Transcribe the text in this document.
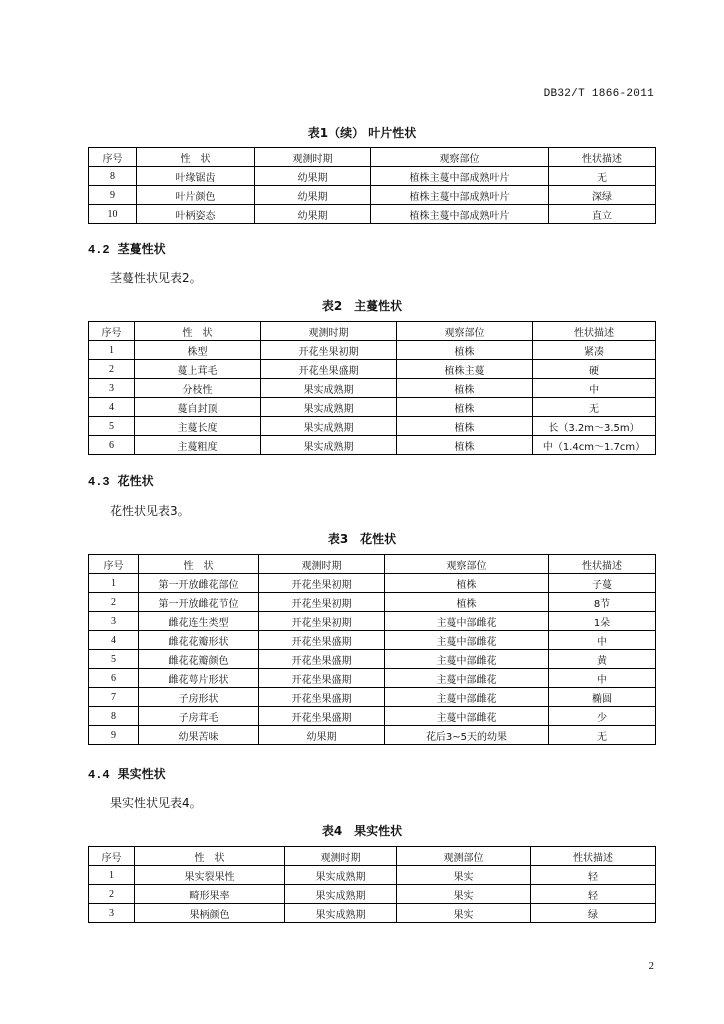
DB32/T 1866-2011
表1（续） 叶片性状
序号	性　状	观测时期	观察部位	性状描述
8	叶缘锯齿	幼果期	植株主蔓中部成熟叶片	无
9	叶片颜色	幼果期	植株主蔓中部成熟叶片	深绿
10	叶柄姿态	幼果期	植株主蔓中部成熟叶片	直立
4.2 茎蔓性状
茎蔓性状见表2。
表2　主蔓性状
序号	性　状	观测时期	观察部位	性状描述
1	株型	开花坐果初期	植株	紧凑
2	蔓上茸毛	开花坐果盛期	植株主蔓	硬
3	分枝性	果实成熟期	植株	中
4	蔓自封顶	果实成熟期	植株	无
5	主蔓长度	果实成熟期	植株	长（3.2m～3.5m）
6	主蔓粗度	果实成熟期	植株	中（1.4cm～1.7cm）
4.3 花性状
花性状见表3。
表3　花性状
序号	性　状	观测时期	观察部位	性状描述
1	第一开放雌花部位	开花坐果初期	植株	子蔓
2	第一开放雌花节位	开花坐果初期	植株	8节
3	雌花连生类型	开花坐果初期	主蔓中部雌花	1朵
4	雌花花瓣形状	开花坐果盛期	主蔓中部雌花	中
5	雌花花瓣颜色	开花坐果盛期	主蔓中部雌花	黄
6	雌花萼片形状	开花坐果盛期	主蔓中部雌花	中
7	子房形状	开花坐果盛期	主蔓中部雌花	椭圆
8	子房茸毛	开花坐果盛期	主蔓中部雌花	少
9	幼果苦味	幼果期	花后3~5天的幼果	无
4.4 果实性状
果实性状见表4。
表4　果实性状
序号	性　状	观测时期	观测部位	性状描述
1	果实裂果性	果实成熟期	果实	轻
2	畸形果率	果实成熟期	果实	轻
3	果柄颜色	果实成熟期	果实	绿
2
